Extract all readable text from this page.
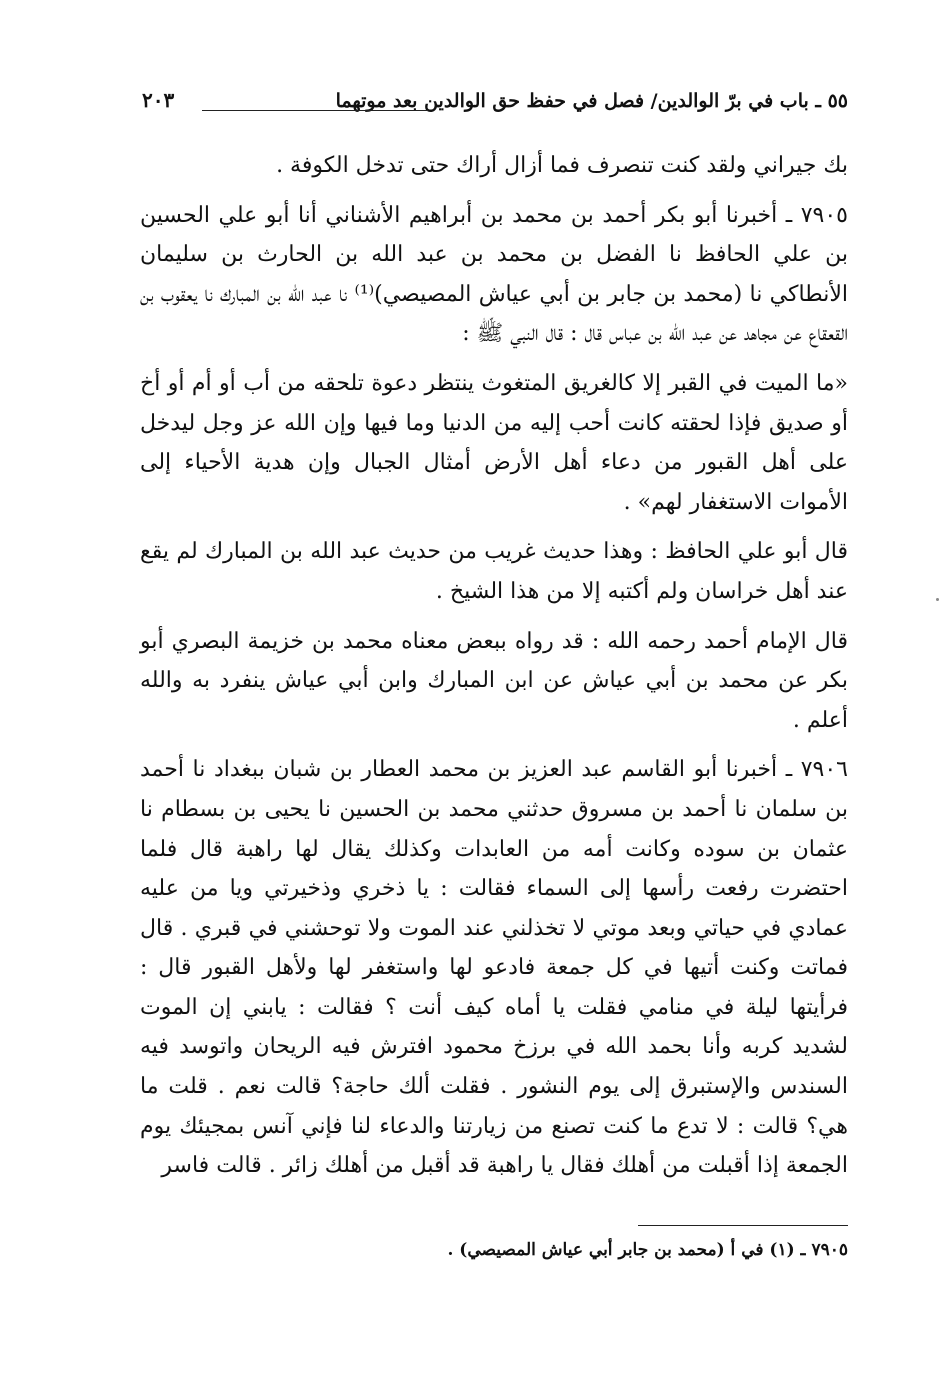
٥٥ ـ باب في برّ الوالدين/ فصل في حفظ حق الوالدين بعد موتهما
٢٠٣

بك جيراني ولقد كنت تنصرف فما أزال أراك حتى تدخل الكوفة .

٧٩٠٥ ـ أخبرنا أبو بكر أحمد بن محمد بن أبراهيم الأشناني أنا أبو علي الحسين بن علي الحافظ نا الفضل بن محمد بن عبد الله بن الحارث بن سليمان الأنطاكي نا (محمد بن جابر بن أبي عياش المصيصي)⁽¹⁾ نا عبد الله بن المبارك نا يعقوب بن القعقاع عن مجاهد عن عبد الله بن عباس قال : قال النبي ﷺ :

«ما الميت في القبر إلا كالغريق المتغوث ينتظر دعوة تلحقه من أب أو أم أو أخ أو صديق فإذا لحقته كانت أحب إليه من الدنيا وما فيها وإن الله عز وجل ليدخل على أهل القبور من دعاء أهل الأرض أمثال الجبال وإن هدية الأحياء إلى الأموات الاستغفار لهم» .

قال أبو علي الحافظ : وهذا حديث غريب من حديث عبد الله بن المبارك لم يقع عند أهل خراسان ولم أكتبه إلا من هذا الشيخ .

قال الإمام أحمد رحمه الله : قد رواه ببعض معناه محمد بن خزيمة البصري أبو بكر عن محمد بن أبي عياش عن ابن المبارك وابن أبي عياش ينفرد به والله أعلم .

٧٩٠٦ ـ أخبرنا أبو القاسم عبد العزيز بن محمد العطار بن شبان ببغداد نا أحمد بن سلمان نا أحمد بن مسروق حدثني محمد بن الحسين نا يحيى بن بسطام نا عثمان بن سوده وكانت أمه من العابدات وكذلك يقال لها راهبة قال فلما احتضرت رفعت رأسها إلى السماء فقالت : يا ذخري وذخيرتي ويا من عليه عمادي في حياتي وبعد موتي لا تخذلني عند الموت ولا توحشني في قبري . قال فماتت وكنت أتيها في كل جمعة فادعو لها واستغفر لها ولأهل القبور قال : فرأيتها ليلة في منامي فقلت يا أماه كيف أنت ؟ فقالت : يابني إن الموت لشديد كربه وأنا بحمد الله في برزخ محمود افترش فيه الريحان واتوسد فيه السندس والإستبرق إلى يوم النشور . فقلت ألك حاجة؟ قالت نعم . قلت ما هي؟ قالت : لا تدع ما كنت تصنع من زيارتنا والدعاء لنا فإني آنس بمجيئك يوم الجمعة إذا أقبلت من أهلك فقال يا راهبة قد أقبل من أهلك زائر . قالت فاسر

٧٩٠٥ ـ (١) في أ (محمد بن جابر أبي عياش المصيصي) .
